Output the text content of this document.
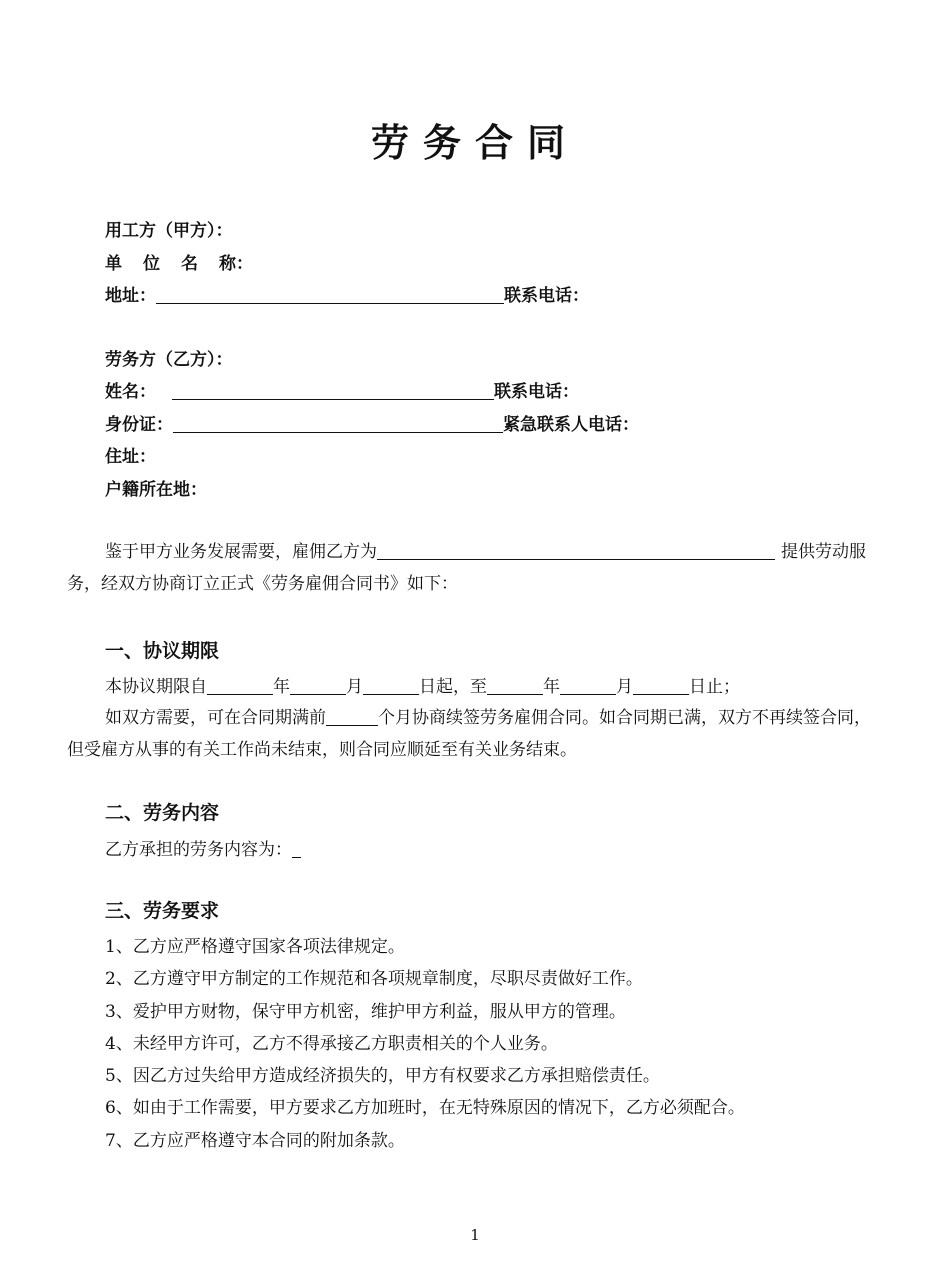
劳务合同
用工方（甲方）：
单 位 名 称：
地址：	联系电话：
劳务方（乙方）：
姓名：	联系电话：
身份证：	紧急联系人电话：
住址：
户籍所在地：
鉴于甲方业务发展需要，雇佣乙方为	提供劳动服务，经双方协商订立正式《劳务雇佣合同书》如下：
一、协议期限
本协议期限自	年	月	日起，至	年	月	日止；
如双方需要，可在合同期满前	个月协商续签劳务雇佣合同。如合同期已满，双方不再续签合同，但受雇方从事的有关工作尚未结束，则合同应顺延至有关业务结束。
二、劳务内容
乙方承担的劳务内容为：
三、劳务要求
1、乙方应严格遵守国家各项法律规定。
2、乙方遵守甲方制定的工作规范和各项规章制度，尽职尽责做好工作。
3、爱护甲方财物，保守甲方机密，维护甲方利益，服从甲方的管理。
4、未经甲方许可，乙方不得承接乙方职责相关的个人业务。
5、因乙方过失给甲方造成经济损失的，甲方有权要求乙方承担赔偿责任。
6、如由于工作需要，甲方要求乙方加班时，在无特殊原因的情况下，乙方必须配合。
7、乙方应严格遵守本合同的附加条款。
1
